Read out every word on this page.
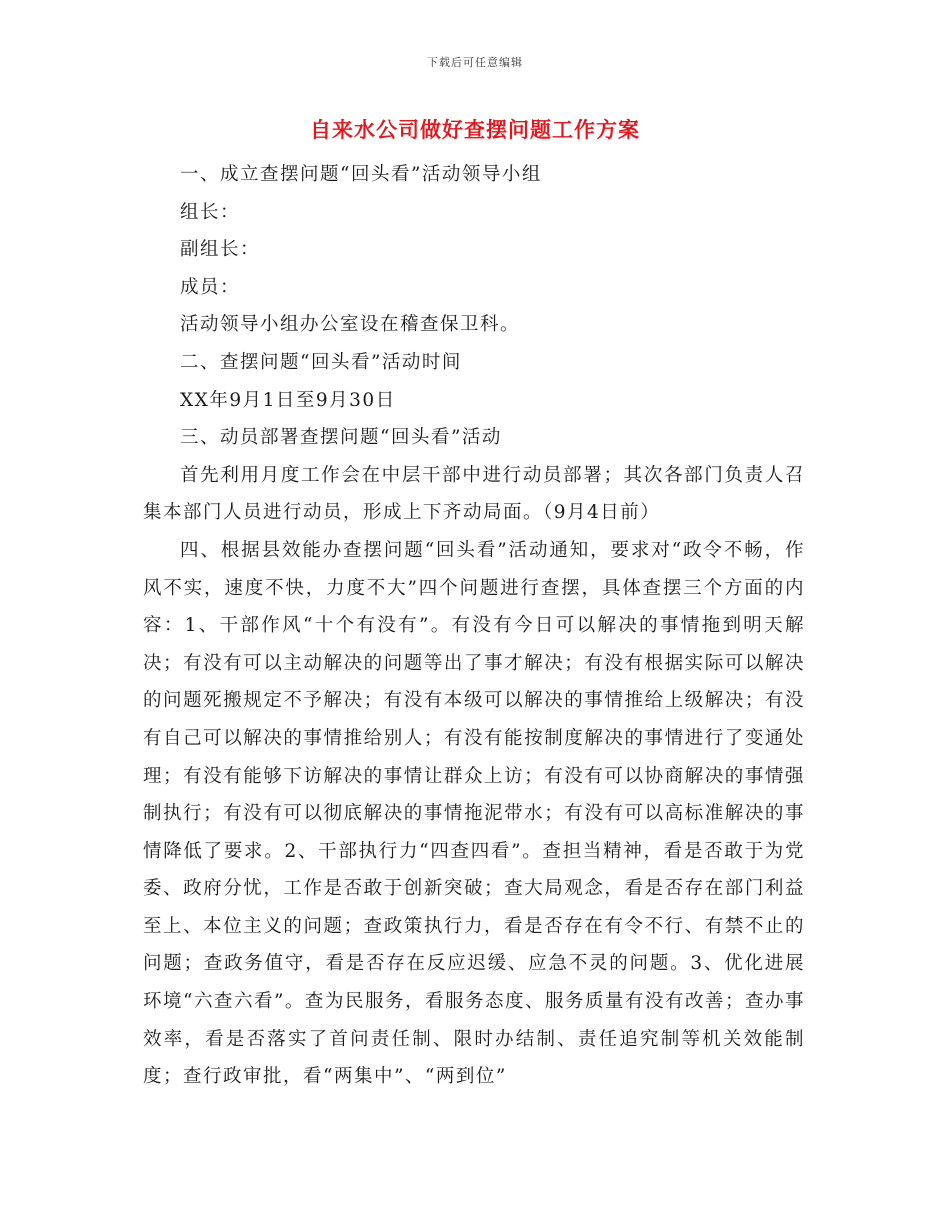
下载后可任意编辑
自来水公司做好查摆问题工作方案

一、成立查摆问题“回头看”活动领导小组

组长：

副组长：

成员：

活动领导小组办公室设在稽查保卫科。

二、查摆问题“回头看”活动时间

XX年9月1日至9月30日

三、动员部署查摆问题“回头看”活动

首先利用月度工作会在中层干部中进行动员部署；其次各部门负责人召集本部门人员进行动员，形成上下齐动局面。（9月4日前）

四、根据县效能办查摆问题“回头看”活动通知，要求对“政令不畅，作风不实，速度不快，力度不大”四个问题进行查摆，具体查摆三个方面的内容：1、干部作风“十个有没有”。有没有今日可以解决的事情拖到明天解决；有没有可以主动解决的问题等出了事才解决；有没有根据实际可以解决的问题死搬规定不予解决；有没有本级可以解决的事情推给上级解决；有没有自己可以解决的事情推给别人；有没有能按制度解决的事情进行了变通处理；有没有能够下访解决的事情让群众上访；有没有可以协商解决的事情强制执行；有没有可以彻底解决的事情拖泥带水；有没有可以高标准解决的事情降低了要求。2、干部执行力“四查四看”。查担当精神，看是否敢于为党委、政府分忧，工作是否敢于创新突破；查大局观念，看是否存在部门利益至上、本位主义的问题；查政策执行力，看是否存在有令不行、有禁不止的问题；查政务值守，看是否存在反应迟缓、应急不灵的问题。3、优化进展环境“六查六看”。查为民服务，看服务态度、服务质量有没有改善；查办事效率，看是否落实了首问责任制、限时办结制、责任追究制等机关效能制度；查行政审批，看“两集中”、“两到位”
